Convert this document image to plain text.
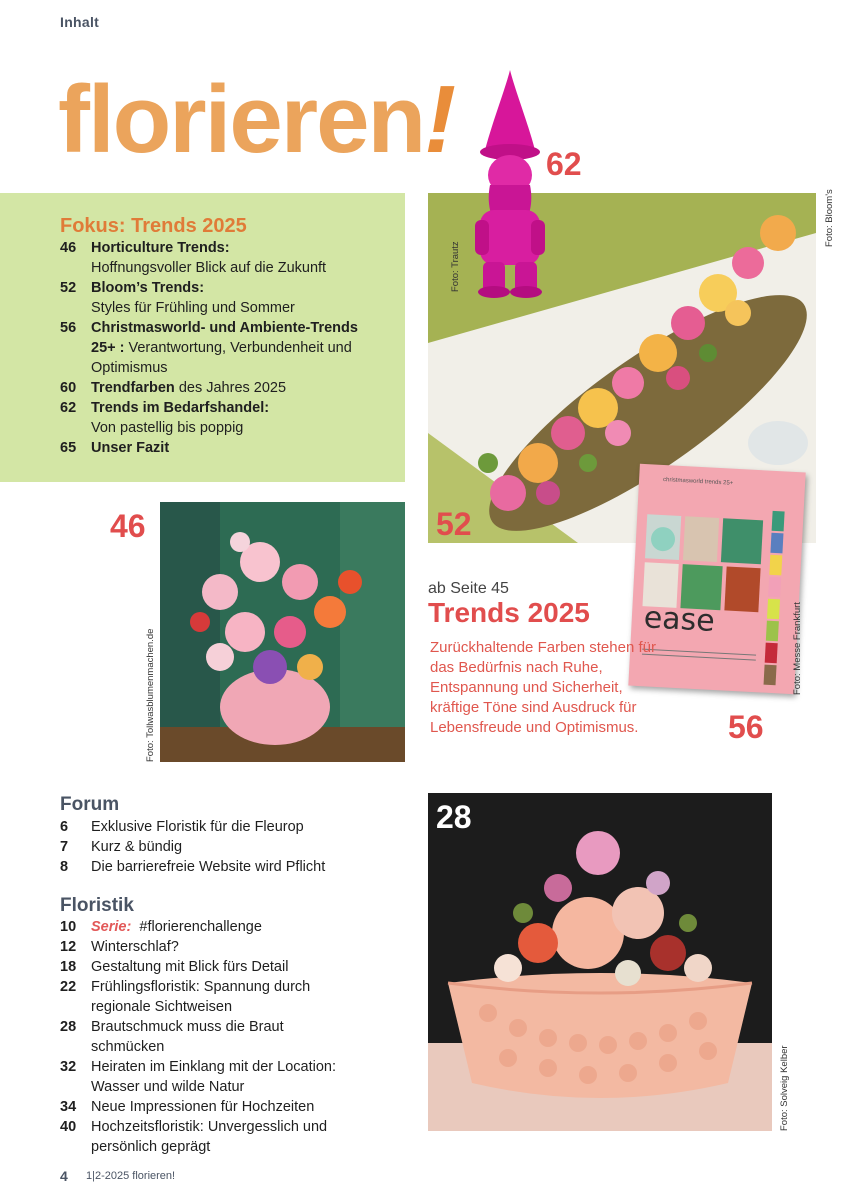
Inhalt
florieren!
Fokus: Trends 2025
46	Horticulture Trends:
Hoffnungsvoller Blick auf die Zukunft
52	Bloom’s Trends:
Styles für Frühling und Sommer
56	Christmasworld- und Ambiente-Trends 25+ : Verantwortung, Verbundenheit und Optimismus
60	Trendfarben des Jahres 2025
62	Trends im Bedarfshandel:
Von pastellig bis poppig
65	Unser Fazit
62
Foto: Trautz
Foto: Bloom's
52
46
Foto: Tollwasblumenmachen.de
christmasworld trends 25+
ease	Foto: Messe Frankfurt
56
ab Seite 45
Trends 2025
Zurückhaltende Farben stehen für das Bedürfnis nach Ruhe, Entspannung und Sicherheit, kräftige Töne sind Ausdruck für Lebensfreude und Optimismus.
Forum
6	Exklusive Floristik für die Fleurop
7	Kurz & bündig
8	Die barrierefreie Website wird Pflicht
Floristik
10	Serie: #florierenchallenge
12	Winterschlaf?
18	Gestaltung mit Blick fürs Detail
22	Frühlingsfloristik: Spannung durch regionale Sichtweisen
28	Brautschmuck muss die Braut schmücken
32	Heiraten im Einklang mit der Location: Wasser und wilde Natur
34	Neue Impressionen für Hochzeiten
40	Hochzeitsfloristik: Unvergesslich und persönlich geprägt
28
Foto: Solveig Kelber
4 1|2-2025 florieren!
